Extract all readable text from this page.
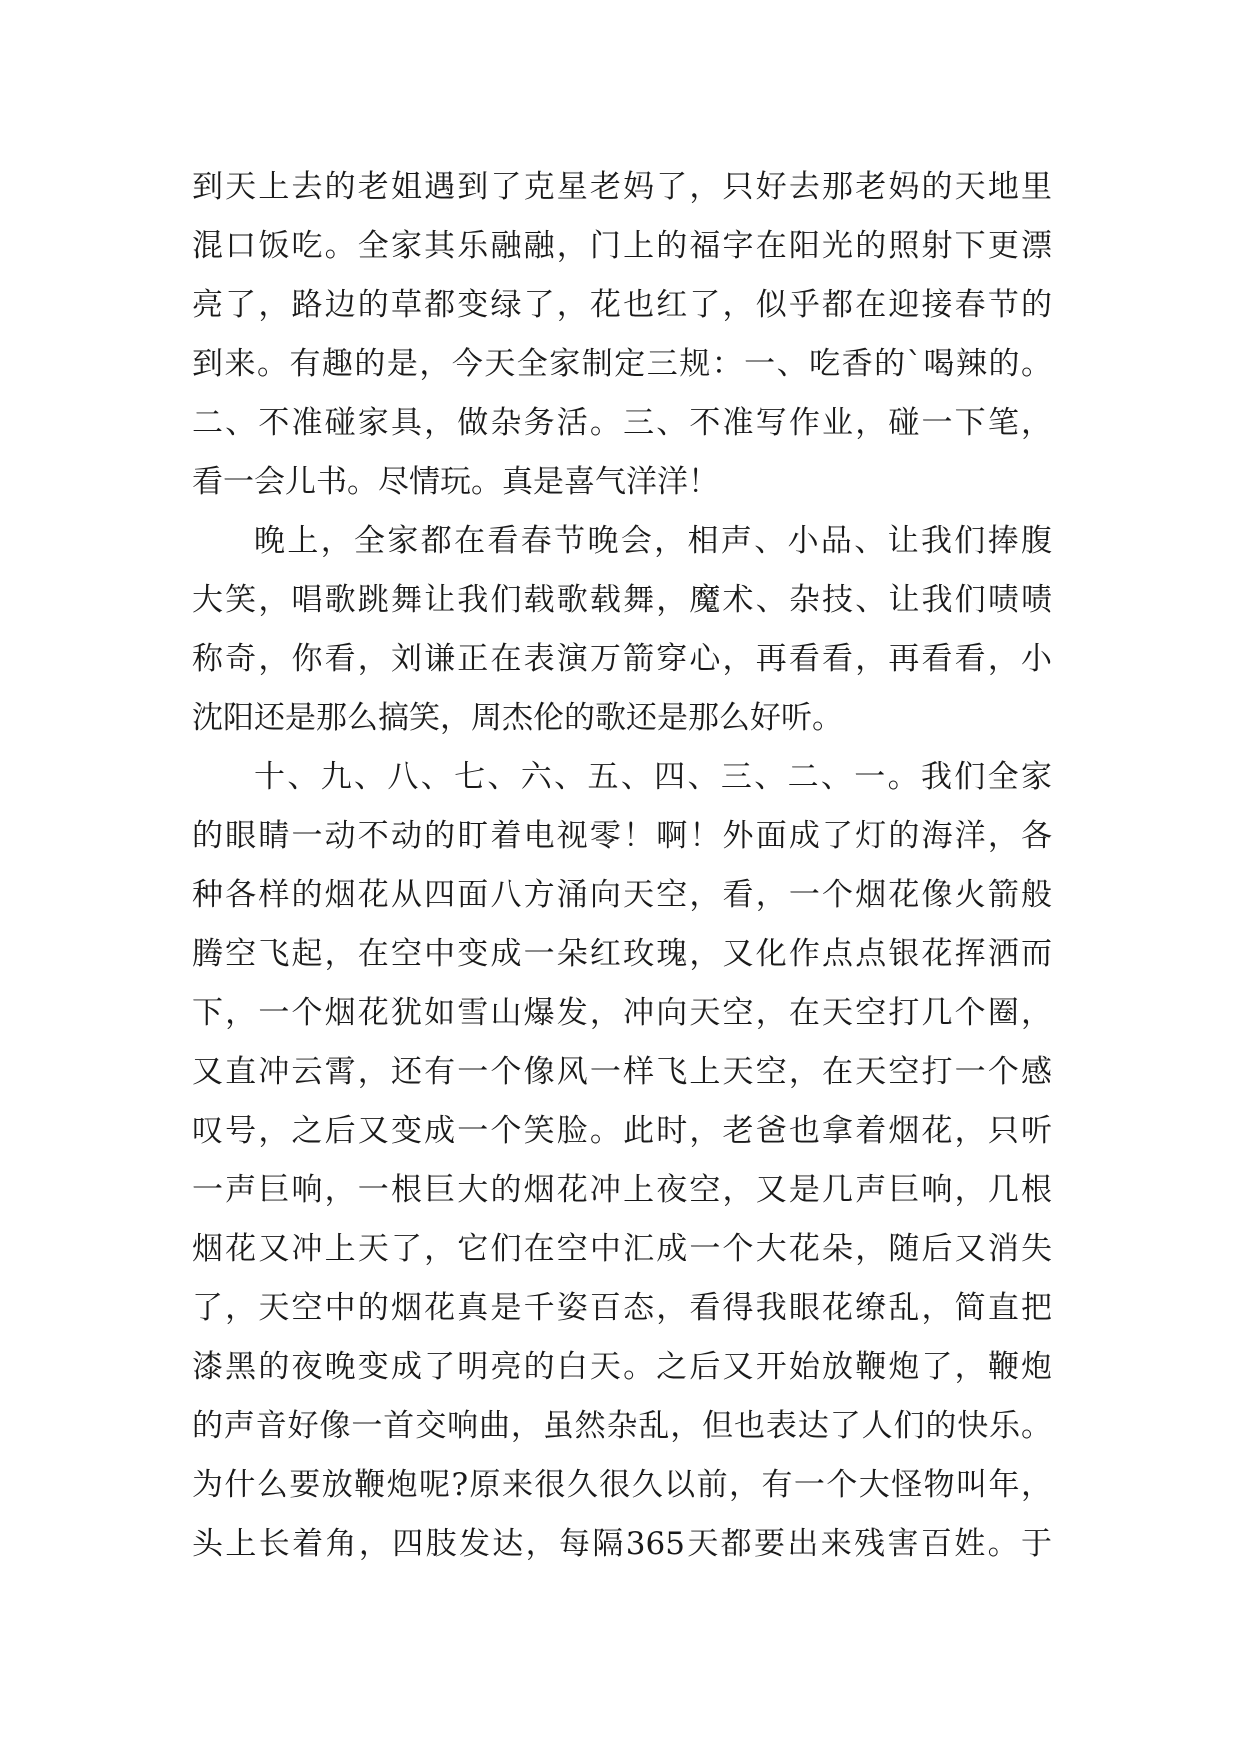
到天上去的老姐遇到了克星老妈了，只好去那老妈的天地里
混口饭吃。全家其乐融融，门上的福字在阳光的照射下更漂
亮了，路边的草都变绿了，花也红了，似乎都在迎接春节的
到来。有趣的是，今天全家制定三规：一、吃香的`喝辣的。
二、不准碰家具，做杂务活。三、不准写作业，碰一下笔，
看一会儿书。尽情玩。真是喜气洋洋！
晚上，全家都在看春节晚会，相声、小品、让我们捧腹
大笑，唱歌跳舞让我们载歌载舞，魔术、杂技、让我们啧啧
称奇，你看，刘谦正在表演万箭穿心，再看看，再看看，小
沈阳还是那么搞笑，周杰伦的歌还是那么好听。
十、九、八、七、六、五、四、三、二、一。我们全家
的眼睛一动不动的盯着电视零！啊！外面成了灯的海洋，各
种各样的烟花从四面八方涌向天空，看，一个烟花像火箭般
腾空飞起，在空中变成一朵红玫瑰，又化作点点银花挥洒而
下，一个烟花犹如雪山爆发，冲向天空，在天空打几个圈，
又直冲云霄，还有一个像风一样飞上天空，在天空打一个感
叹号，之后又变成一个笑脸。此时，老爸也拿着烟花，只听
一声巨响，一根巨大的烟花冲上夜空，又是几声巨响，几根
烟花又冲上天了，它们在空中汇成一个大花朵，随后又消失
了，天空中的烟花真是千姿百态，看得我眼花缭乱，简直把
漆黑的夜晚变成了明亮的白天。之后又开始放鞭炮了，鞭炮
的声音好像一首交响曲，虽然杂乱，但也表达了人们的快乐。
为什么要放鞭炮呢?原来很久很久以前，有一个大怪物叫年，
头上长着角，四肢发达，每隔365天都要出来残害百姓。于
